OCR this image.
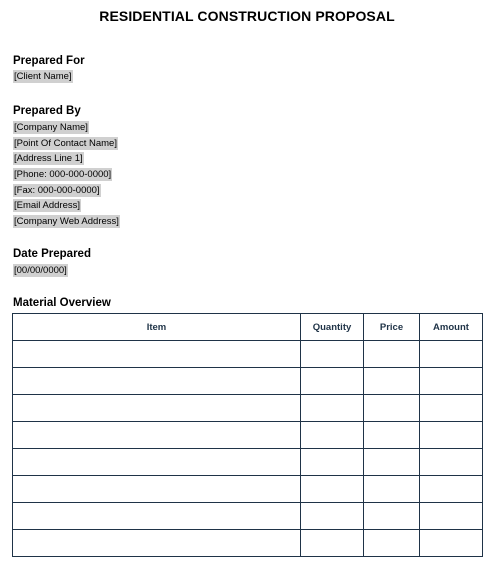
RESIDENTIAL CONSTRUCTION PROPOSAL
Prepared For
[Client Name]
Prepared By
[Company Name]
[Point Of Contact Name]
[Address Line 1]
[Phone: 000-000-0000]
[Fax: 000-000-0000]
[Email Address]
[Company Web Address]
Date Prepared
[00/00/0000]
Material Overview
Item	Quantity	Price	Amount
